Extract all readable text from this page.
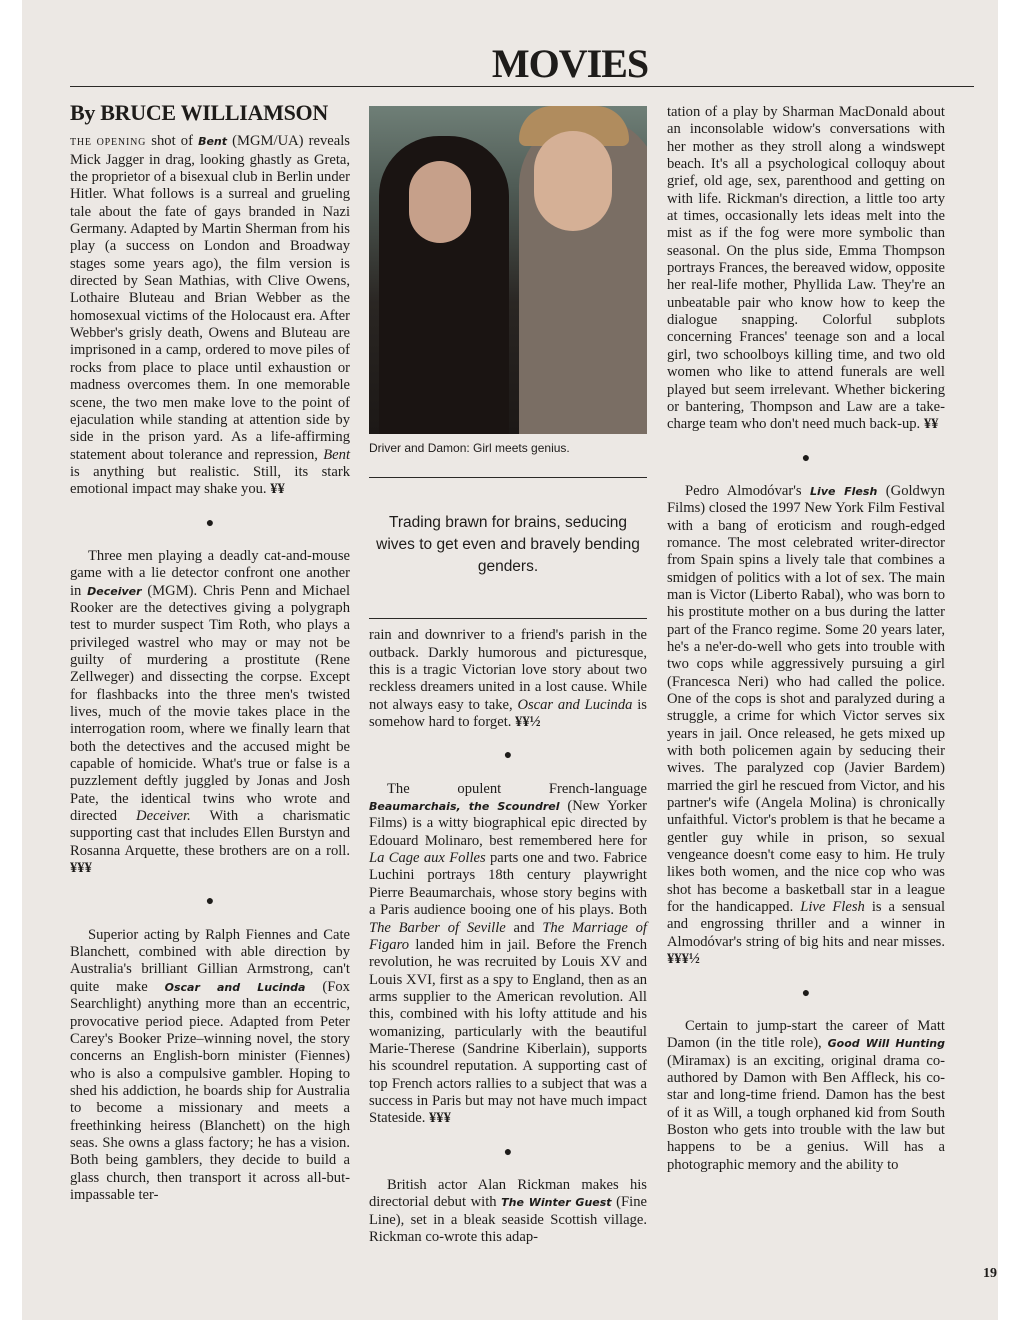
MOVIES
By BRUCE WILLIAMSON

THE OPENING shot of Bent (MGM/UA) reveals Mick Jagger in drag, looking ghastly as Greta, the proprietor of a bisexual club in Berlin under Hitler. What follows is a surreal and grueling tale about the fate of gays branded in Nazi Germany. Adapted by Martin Sherman from his play (a success on London and Broadway stages some years ago), the film version is directed by Sean Mathias, with Clive Owens, Lothaire Bluteau and Brian Webber as the homosexual victims of the Holocaust era. After Webber's grisly death, Owens and Bluteau are imprisoned in a camp, ordered to move piles of rocks from place to place until exhaustion or madness overcomes them. In one memorable scene, the two men make love to the point of ejaculation while standing at attention side by side in the prison yard. As a life-affirming statement about tolerance and repression, Bent is anything but realistic. Still, its stark emotional impact may shake you. ¥¥

●

Three men playing a deadly cat-and-mouse game with a lie detector confront one another in Deceiver (MGM). Chris Penn and Michael Rooker are the detectives giving a polygraph test to murder suspect Tim Roth, who plays a privileged wastrel who may or may not be guilty of murdering a prostitute (Rene Zellweger) and dissecting the corpse. Except for flashbacks into the three men's twisted lives, much of the movie takes place in the interrogation room, where we finally learn that both the detectives and the accused might be capable of homicide. What's true or false is a puzzlement deftly juggled by Jonas and Josh Pate, the identical twins who wrote and directed Deceiver. With a charismatic supporting cast that includes Ellen Burstyn and Rosanna Arquette, these brothers are on a roll. ¥¥¥

●

Superior acting by Ralph Fiennes and Cate Blanchett, combined with able direction by Australia's brilliant Gillian Armstrong, can't quite make Oscar and Lucinda (Fox Searchlight) anything more than an eccentric, provocative period piece. Adapted from Peter Carey's Booker Prize–winning novel, the story concerns an English-born minister (Fiennes) who is also a compulsive gambler. Hoping to shed his addiction, he boards ship for Australia to become a missionary and meets a freethinking heiress (Blanchett) on the high seas. She owns a glass factory; he has a vision. Both being gamblers, they decide to build a glass church, then transport it across all-but-impassable ter-

Driver and Damon: Girl meets genius.
Trading brawn for brains, seducing wives to get even and bravely bending genders.

rain and downriver to a friend's parish in the outback. Darkly humorous and picturesque, this is a tragic Victorian love story about two reckless dreamers united in a lost cause. While not always easy to take, Oscar and Lucinda is somehow hard to forget. ¥¥½

●

The opulent French-language Beaumarchais, the Scoundrel (New Yorker Films) is a witty biographical epic directed by Edouard Molinaro, best remembered here for La Cage aux Folles parts one and two. Fabrice Luchini portrays 18th century playwright Pierre Beaumarchais, whose story begins with a Paris audience booing one of his plays. Both The Barber of Seville and The Marriage of Figaro landed him in jail. Before the French revolution, he was recruited by Louis XV and Louis XVI, first as a spy to England, then as an arms supplier to the American revolution. All this, combined with his lofty attitude and his womanizing, particularly with the beautiful Marie-Therese (Sandrine Kiberlain), supports his scoundrel reputation. A supporting cast of top French actors rallies to a subject that was a success in Paris but may not have much impact Stateside. ¥¥¥

●

British actor Alan Rickman makes his directorial debut with The Winter Guest (Fine Line), set in a bleak seaside Scottish village. Rickman co-wrote this adap-

tation of a play by Sharman MacDonald about an inconsolable widow's conversations with her mother as they stroll along a windswept beach. It's all a psychological colloquy about grief, old age, sex, parenthood and getting on with life. Rickman's direction, a little too arty at times, occasionally lets ideas melt into the mist as if the fog were more symbolic than seasonal. On the plus side, Emma Thompson portrays Frances, the bereaved widow, opposite her real-life mother, Phyllida Law. They're an unbeatable pair who know how to keep the dialogue snapping. Colorful subplots concerning Frances' teenage son and a local girl, two schoolboys killing time, and two old women who like to attend funerals are well played but seem irrelevant. Whether bickering or bantering, Thompson and Law are a take-charge team who don't need much back-up. ¥¥

●

Pedro Almodóvar's Live Flesh (Goldwyn Films) closed the 1997 New York Film Festival with a bang of eroticism and rough-edged romance. The most celebrated writer-director from Spain spins a lively tale that combines a smidgen of politics with a lot of sex. The main man is Victor (Liberto Rabal), who was born to his prostitute mother on a bus during the latter part of the Franco regime. Some 20 years later, he's a ne'er-do-well who gets into trouble with two cops while aggressively pursuing a girl (Francesca Neri) who had called the police. One of the cops is shot and paralyzed during a struggle, a crime for which Victor serves six years in jail. Once released, he gets mixed up with both policemen again by seducing their wives. The paralyzed cop (Javier Bardem) married the girl he rescued from Victor, and his partner's wife (Angela Molina) is chronically unfaithful. Victor's problem is that he became a gentler guy while in prison, so sexual vengeance doesn't come easy to him. He truly likes both women, and the nice cop who was shot has become a basketball star in a league for the handicapped. Live Flesh is a sensual and engrossing thriller and a winner in Almodóvar's string of big hits and near misses. ¥¥¥½

●

Certain to jump-start the career of Matt Damon (in the title role), Good Will Hunting (Miramax) is an exciting, original drama co-authored by Damon with Ben Affleck, his co-star and long-time friend. Damon has the best of it as Will, a tough orphaned kid from South Boston who gets into trouble with the law but happens to be a genius. Will has a photographic memory and the ability to

19
